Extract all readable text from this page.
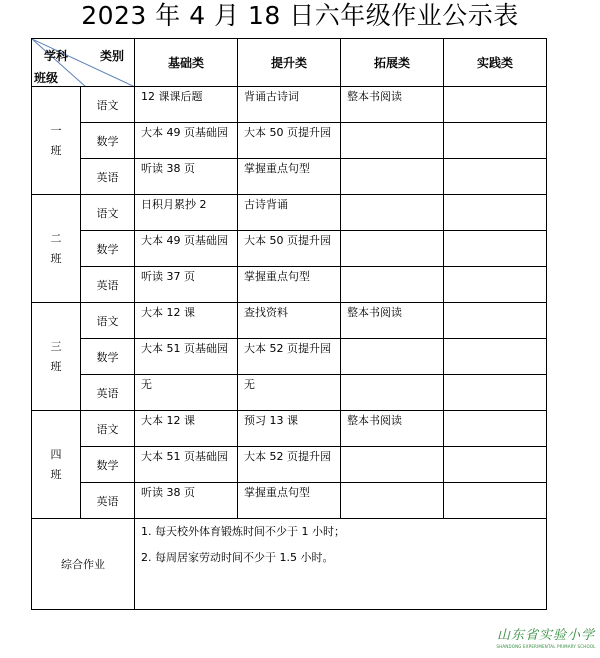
2023 年 4 月 18 日六年级作业公示表
学科 类别
班级		基础类	提升类	拓展类	实践类
一
班	语文	12 课课后题	背诵古诗词	整本书阅读	
	数学	大本 49 页基础园	大本 50 页提升园		
	英语	听读 38 页	掌握重点句型		
二
班	语文	日积月累抄 2	古诗背诵		
	数学	大本 49 页基础园	大本 50 页提升园		
	英语	听读 37 页	掌握重点句型		
三
班	语文	大本 12 课	查找资料	整本书阅读	
	数学	大本 51 页基础园	大本 52 页提升园		
	英语	无	无		
四
班	语文	大本 12 课	预习 13 课	整本书阅读	
	数学	大本 51 页基础园	大本 52 页提升园		
	英语	听读 38 页	掌握重点句型		
综合作业		1. 每天校外体育锻炼时间不少于 1 小时；
2. 每周居家劳动时间不少于 1.5 小时。			
山东省实验小学
SHANDONG EXPERIMENTAL PRIMARY SCHOOL
